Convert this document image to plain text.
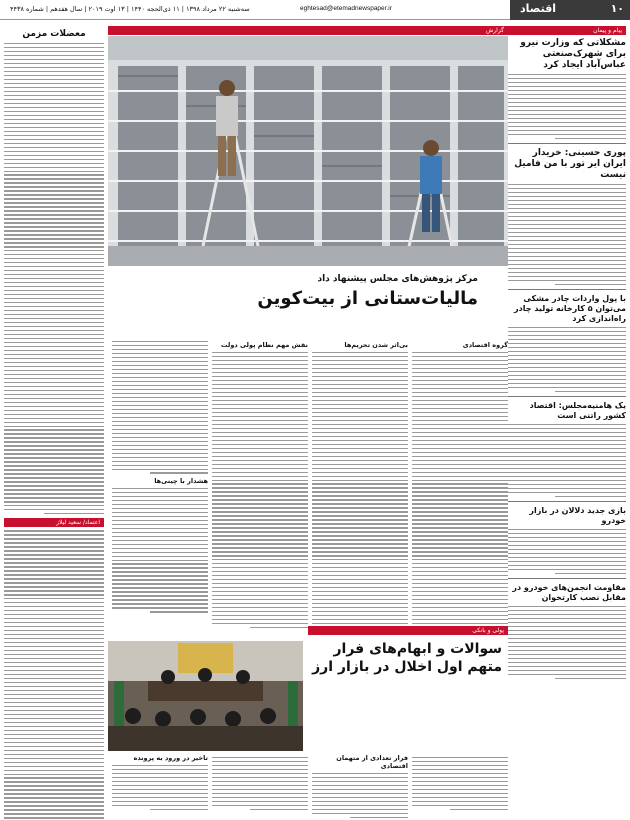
۱۰
اقتصاد
eghtesad@etemadnewspaper.ir
سه‌شنبه ۲۲ مرداد ۱۳۹۸ | ۱۱ ذی‌الحجه ۱۴۴۰ | ۱۳ اوت ۲۰۱۹ | سال هفدهم | شماره ۴۴۳۸
پیام و پیمان
مشکلاتی که وزارت نیرو برای شهرک‌صنعتی عباس‌آباد ایجاد کرد
پوری حسینی: خریدار ایران ‌ایر تور با من فامیل نیست
با پول واردات چادر مشکی می‌توان ۵ کارخانه تولید چادر راه‌اندازی کرد
یک هامنیه‌مجلس: اقتصاد کشور راتنی است
بازی جدید دلالان در بازار خودرو
مقاومت انجمن‌های خودرو در مقابل نصب کارتخوان
معضلات مزمن
اعتماد/ سعید لیلاز
گزارش
مرکز پژوهش‌های مجلس پیشنهاد داد
مالیات‌ستانی از بیت‌کوین
گروه اقتصادی
بی‌اثر شدن تحریم‌ها
نقش مهم نظام پولی دولت
هشدار با چینی‌ها
پولی و بانکی
سوالات و ابهام‌های فرار متهم اول اخلال در بازار ارز
فرار تعدادی از متهمان اقتصادی
تاخیر در ورود به پرونده
